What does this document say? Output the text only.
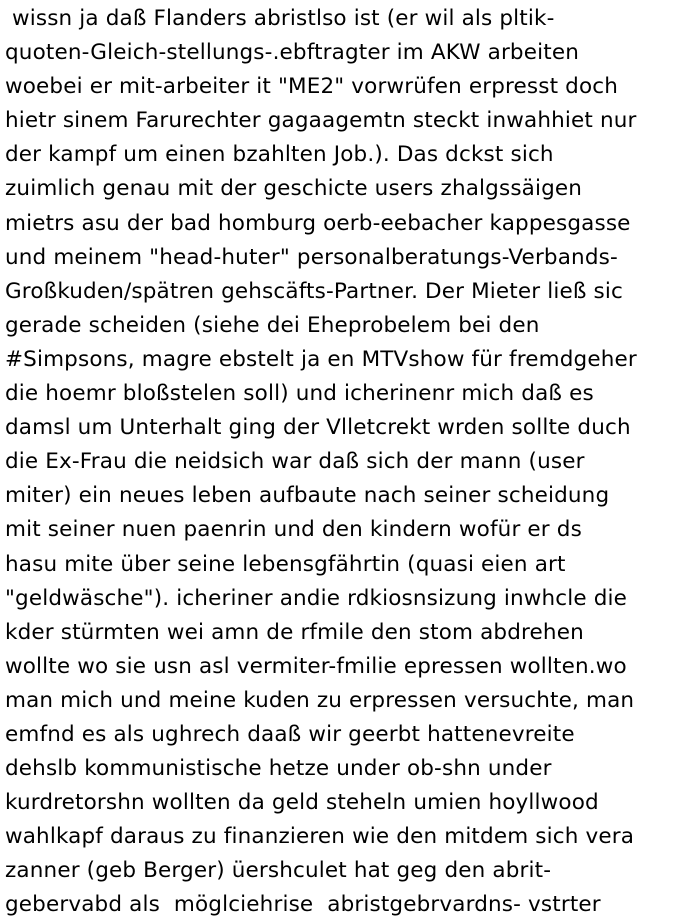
wissn ja daß Flanders abristlso ist (er wil als pltik-
quoten-Gleich-stellungs-.ebftragter im AKW arbeiten
woebei er mit-arbeiter it "ME2" vorwrüfen erpresst doch
hietr sinem Farurechter gagaagemtn steckt inwahhiet nur
der kampf um einen bzahlten Job.). Das dckst sich
zuimlich genau mit der geschicte users zhalgssäigen
mietrs asu der bad homburg oerb-eebacher kappesgasse
und meinem "head-huter" personalberatungs-Verbands-
Großkuden/spätren gehscäfts-Partner. Der Mieter ließ sic
gerade scheiden (siehe dei Eheprobelem bei den
#Simpsons, magre ebstelt ja en MTVshow für fremdgeher
die hoemr bloßstelen soll) und icherinenr mich daß es
damsl um Unterhalt ging der Vlletcrekt wrden sollte duch
die Ex-Frau die neidsich war daß sich der mann (user
miter) ein neues leben aufbaute nach seiner scheidung
mit seiner nuen paenrin und den kindern wofür er ds
hasu mite über seine lebensgfährtin (quasi eien art
"geldwäsche"). icheriner andie rdkiosnsizung inwhcle die
kder stürmten wei amn de rfmile den stom abdrehen
wollte wo sie usn asl vermiter-fmilie epressen wollten.wo
man mich und meine kuden zu erpressen versuchte, man
emfnd es als ughrech daaß wir geerbt hattenevreite
dehslb kommunistische hetze under ob-shn under
kurdretorshn wollten da geld steheln umien hoyllwood
wahlkapf daraus zu finanzieren wie den mitdem sich vera
zanner (geb Berger) üershculet hat geg den abrit-
gebervabd als  möglciehrise  abristgebrvardns- vstrter
